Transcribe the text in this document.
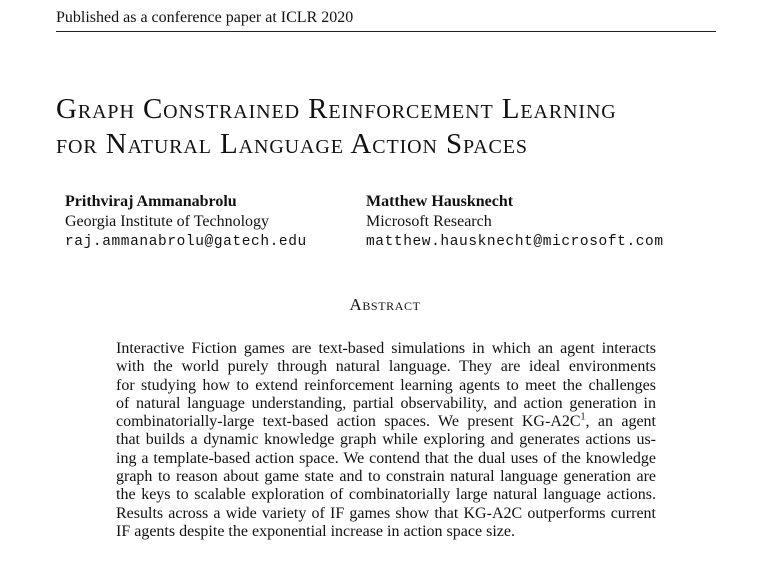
Published as a conference paper at ICLR 2020
Graph Constrained Reinforcement Learning
for Natural Language Action Spaces
Prithviraj Ammanabrolu
Georgia Institute of Technology
raj.ammanabrolu@gatech.edu
Matthew Hausknecht
Microsoft Research
matthew.hausknecht@microsoft.com
Abstract
Interactive Fiction games are text-based simulations in which an agent interacts
with the world purely through natural language. They are ideal environments
for studying how to extend reinforcement learning agents to meet the challenges
of natural language understanding, partial observability, and action generation in
combinatorially-large text-based action spaces. We present $KG-A2C^1$, an agent
that builds a dynamic knowledge graph while exploring and generates actions us-
ing a template-based action space. We contend that the dual uses of the knowledge
graph to reason about game state and to constrain natural language generation are
the keys to scalable exploration of combinatorially large natural language actions.
Results across a wide variety of IF games show that KG-A2C outperforms current
IF agents despite the exponential increase in action space size.
